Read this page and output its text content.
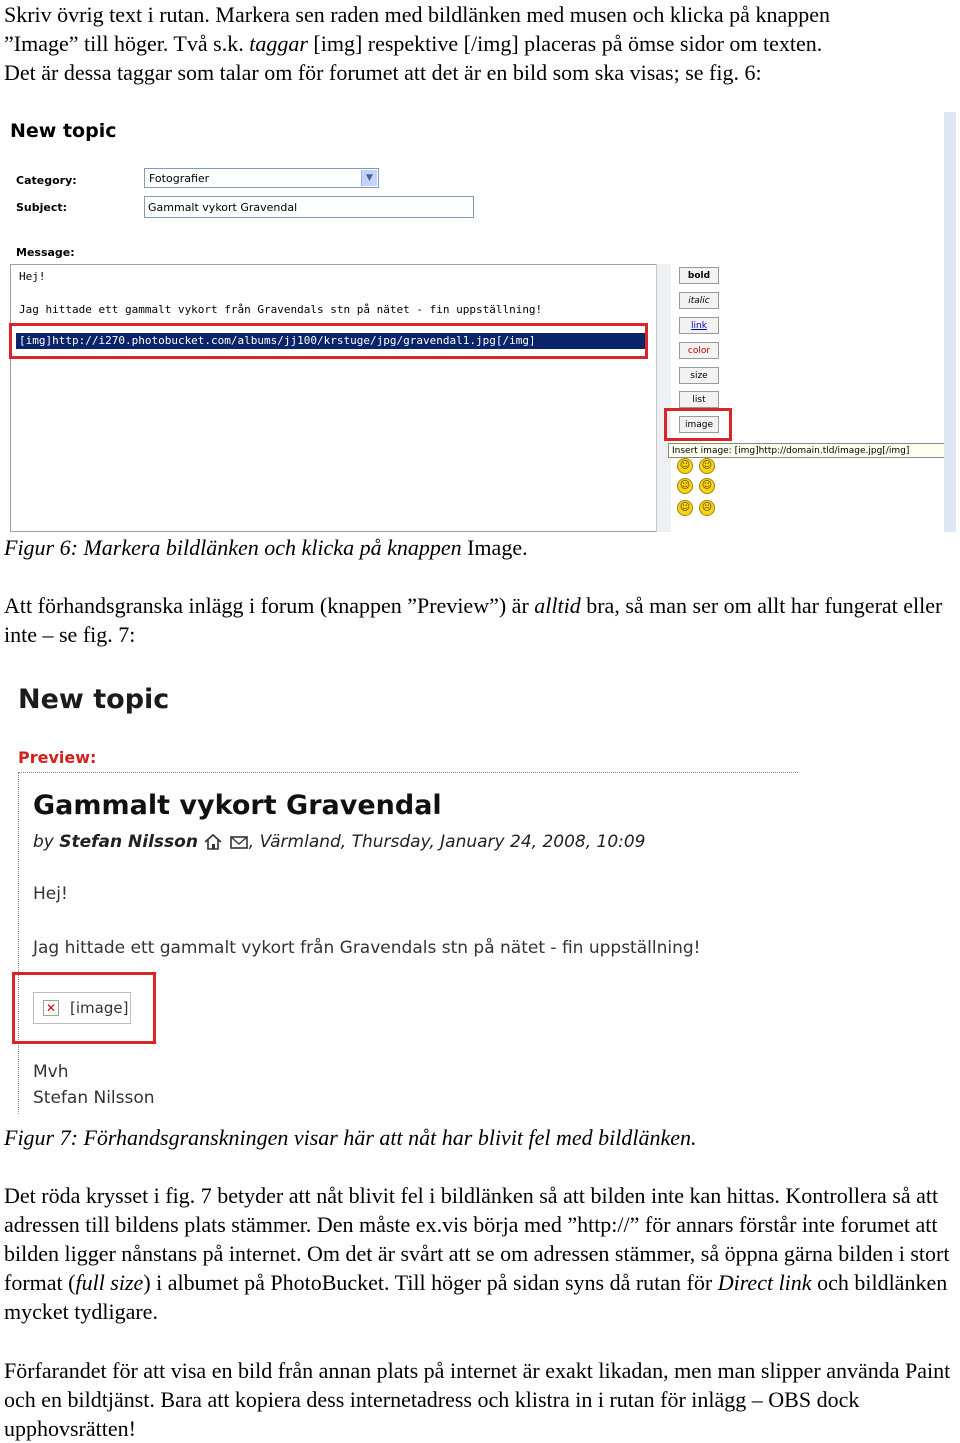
Skriv övrig text i rutan. Markera sen raden med bildlänken med musen och klicka på knappen
”Image” till höger. Två s.k. taggar [img] respektive [/img] placeras på ömse sidor om texten.
Det är dessa taggar som talar om för forumet att det är en bild som ska visas; se fig. 6:

New topic
Category:	Fotografier	▼
Subject:	Gammalt vykort Gravendal
Message:
Hej!
Jag hittade ett gammalt vykort från Gravendals stn på nätet - fin uppställning!
[img]http://i270.photobucket.com/albums/jj100/krstuge/jpg/gravendal1.jpg[/img]
bold
italic
link
color
size
list
image
Insert image: [img]http://domain.tld/image.jpg[/img]
☺ ☺
☺ ☺
☺ ☹
Figur 6: Markera bildlänken och klicka på knappen Image.

Att förhandsgranska inlägg i forum (knappen ”Preview”) är alltid bra, så man ser om allt har fungerat eller inte – se fig. 7:

New topic
Preview:
Gammalt vykort Gravendal
by Stefan Nilsson	, Värmland, Thursday, January 24, 2008, 10:09
Hej!
Jag hittade ett gammalt vykort från Gravendals stn på nätet - fin uppställning!
✕ [image]
Mvh
Stefan Nilsson
Figur 7: Förhandsgranskningen visar här att nåt har blivit fel med bildlänken.

Det röda krysset i fig. 7 betyder att nåt blivit fel i bildlänken så att bilden inte kan hittas. Kontrollera så att adressen till bildens plats stämmer. Den måste ex.vis börja med ”http://” för annars förstår inte forumet att bilden ligger nånstans på internet. Om det är svårt att se om adressen stämmer, så öppna gärna bilden i stort format (full size) i albumet på PhotoBucket. Till höger på sidan syns då rutan för Direct link och bildlänken mycket tydligare.

Förfarandet för att visa en bild från annan plats på internet är exakt likadan, men man slipper använda Paint och en bildtjänst. Bara att kopiera dess internetadress och klistra in i rutan för inlägg – OBS dock upphovsrätten!
